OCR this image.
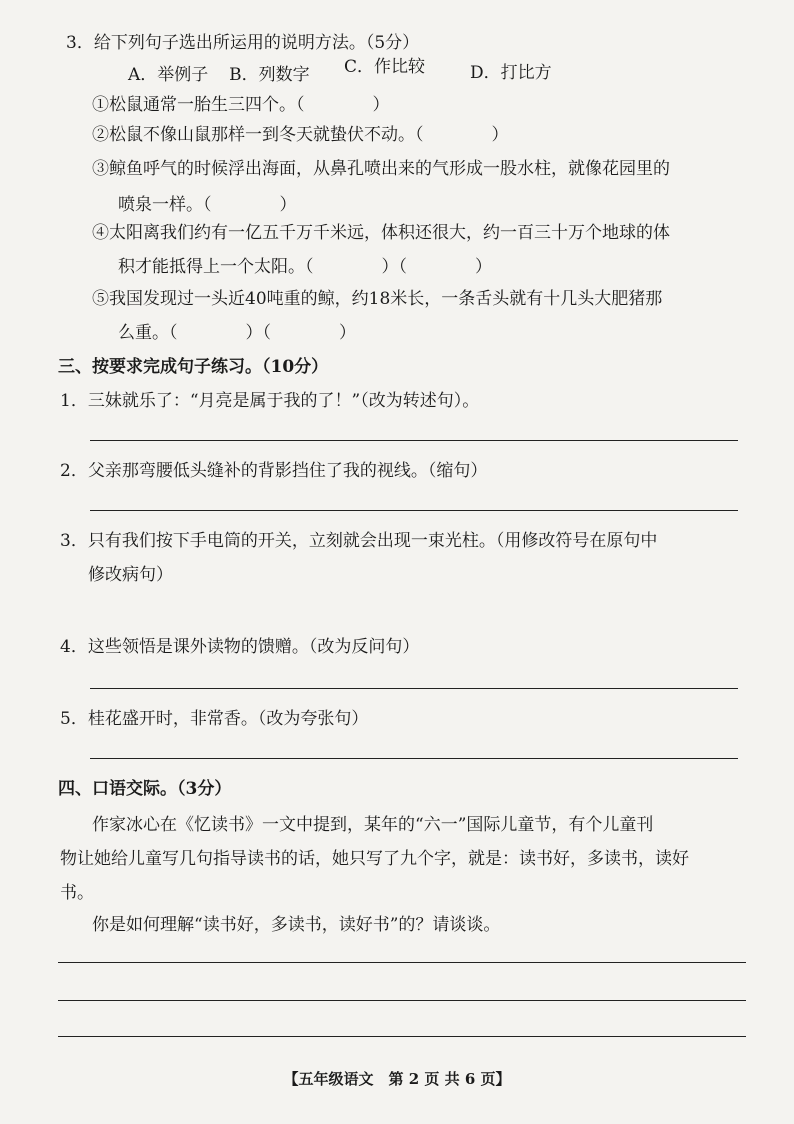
3．给下列句子选出所运用的说明方法。（5分）
A．举例子 B．列数字 C．作比较	D．打比方
①松鼠通常一胎生三四个。（　　　　）
②松鼠不像山鼠那样一到冬天就蛰伏不动。（　　　　）
③鲸鱼呼气的时候浮出海面，从鼻孔喷出来的气形成一股水柱，就像花园里的
喷泉一样。（　　　　）
④太阳离我们约有一亿五千万千米远，体积还很大，约一百三十万个地球的体
积才能抵得上一个太阳。（　　　　）（　　　　）
⑤我国发现过一头近40吨重的鲸，约18米长，一条舌头就有十几头大肥猪那
么重。（　　　　）（　　　　）
三、按要求完成句子练习。（10分）
1．三妹就乐了：“月亮是属于我的了！”（改为转述句）。
2．父亲那弯腰低头缝补的背影挡住了我的视线。（缩句）
3．只有我们按下手电筒的开关，立刻就会出现一束光柱。（用修改符号在原句中
修改病句）
4．这些领悟是课外读物的馈赠。（改为反问句）
5．桂花盛开时，非常香。（改为夸张句）
四、口语交际。（3分）
作家冰心在《忆读书》一文中提到，某年的“六一”国际儿童节，有个儿童刊
物让她给儿童写几句指导读书的话，她只写了九个字，就是：读书好，多读书，读好
书。
你是如何理解“读书好，多读书，读好书”的？请谈谈。
【五年级语文　第 2 页 共 6 页】
